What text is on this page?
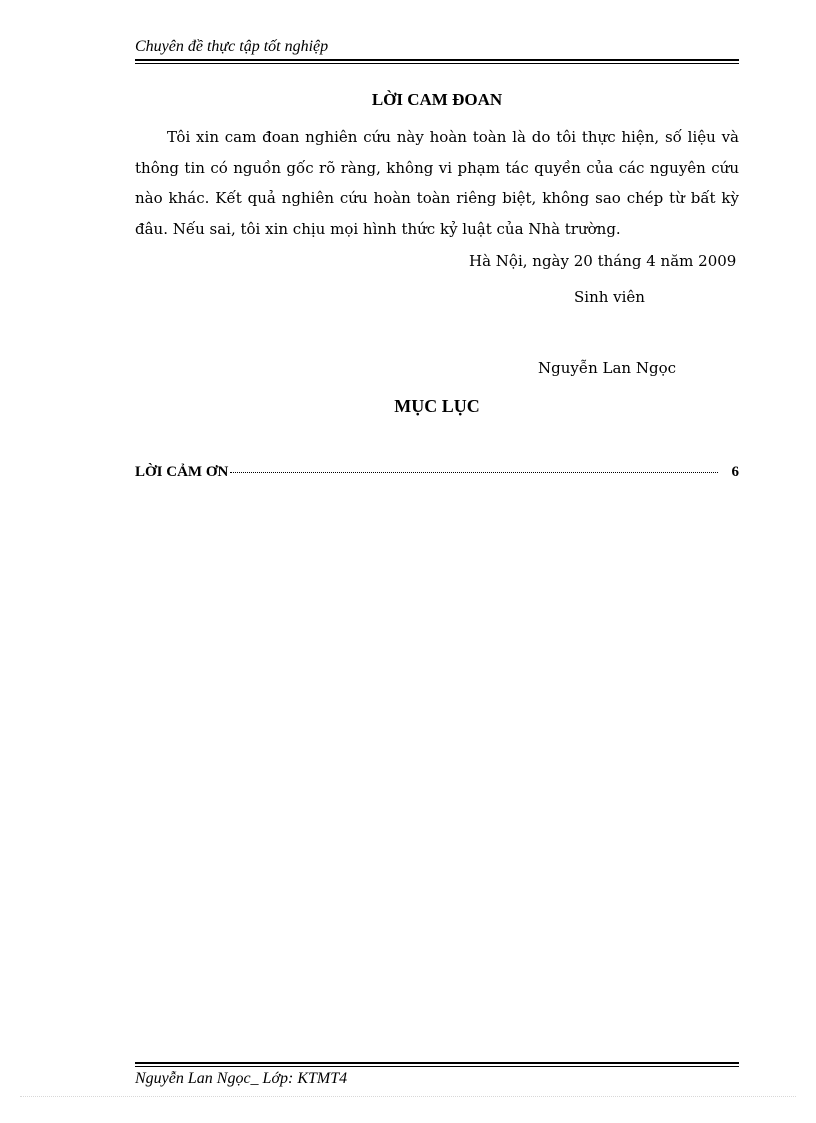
Chuyên đề thực tập tốt nghiệp
LỜI CAM ĐOAN

Tôi xin cam đoan nghiên cứu này hoàn toàn là do tôi thực hiện, số liệu và thông tin có nguồn gốc rõ ràng, không vi phạm tác quyền của các nguyên cứu nào khác. Kết quả nghiên cứu hoàn toàn riêng biệt, không sao chép từ bất kỳ đâu. Nếu sai, tôi xin chịu mọi hình thức kỷ luật của Nhà trường.

Hà Nội, ngày 20 tháng 4 năm 2009
Sinh viên
Nguyễn Lan Ngọc
MỤC LỤC
LỜI CẢM ƠN	6
Nguyễn Lan Ngọc_ Lớp: KTMT4
